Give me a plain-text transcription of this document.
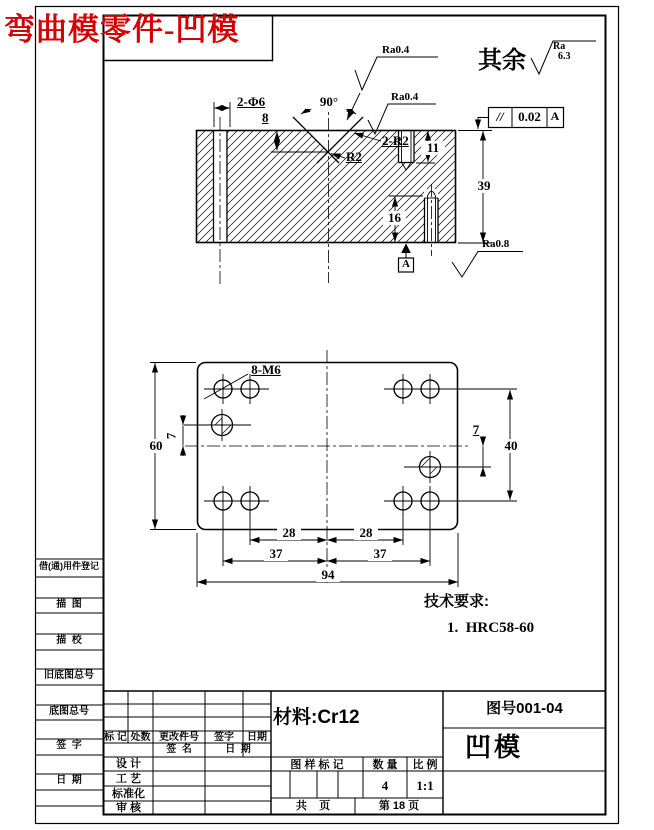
弯曲模零件-凹模
其余
Ra
6.3
2-Φ6
8
90°
Ra0.4
Ra0.4
2-R2
R2
11
39
16
A
Ra0.8
//	0.02 A
8-M6
60
7
40
7
28	28
37	37
94
技术要求:
1.  HRC58-60
材料:Cr12	图号001-04
凹模
标 记 处数 更改件号	签字	日期
签  名	日  期
设 计
工 艺
标准化
审 核
图 样 标 记	数 量	比 例
4	1:1
共    页	第 18 页
借(通)用件登记
描  图
描  校
旧底图总号
底图总号
签  字
日  期
